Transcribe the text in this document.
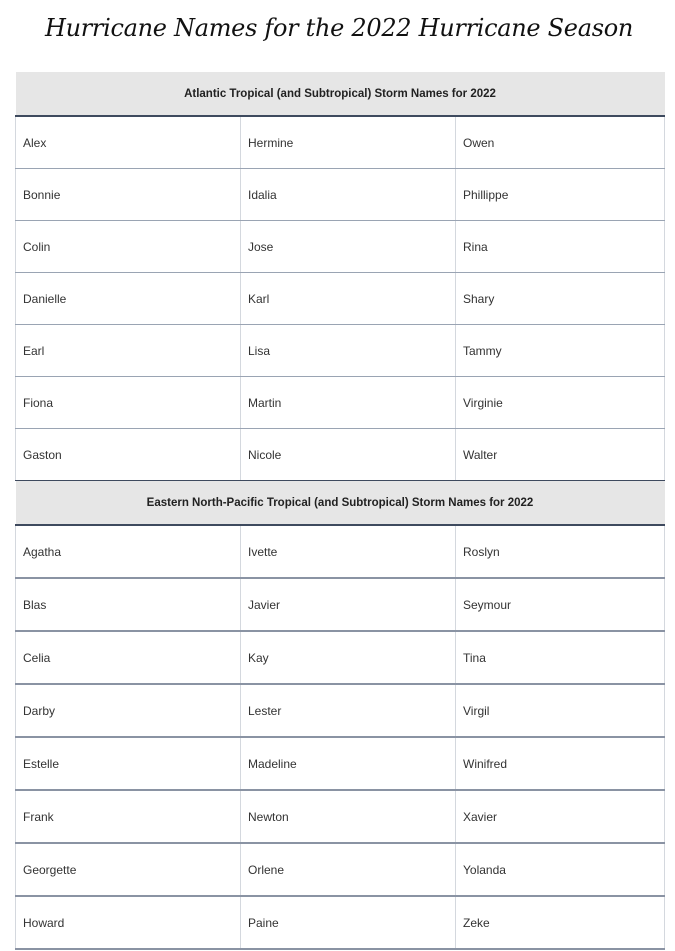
Hurricane Names for the 2022 Hurricane Season
Atlantic Tropical (and Subtropical) Storm Names for 2022		
Alex	Hermine	Owen
Bonnie	Idalia	Phillippe
Colin	Jose	Rina
Danielle	Karl	Shary
Earl	Lisa	Tammy
Fiona	Martin	Virginie
Gaston	Nicole	Walter
Eastern North-Pacific Tropical (and Subtropical) Storm Names for 2022		
Agatha	Ivette	Roslyn
Blas	Javier	Seymour
Celia	Kay	Tina
Darby	Lester	Virgil
Estelle	Madeline	Winifred
Frank	Newton	Xavier
Georgette	Orlene	Yolanda
Howard	Paine	Zeke
